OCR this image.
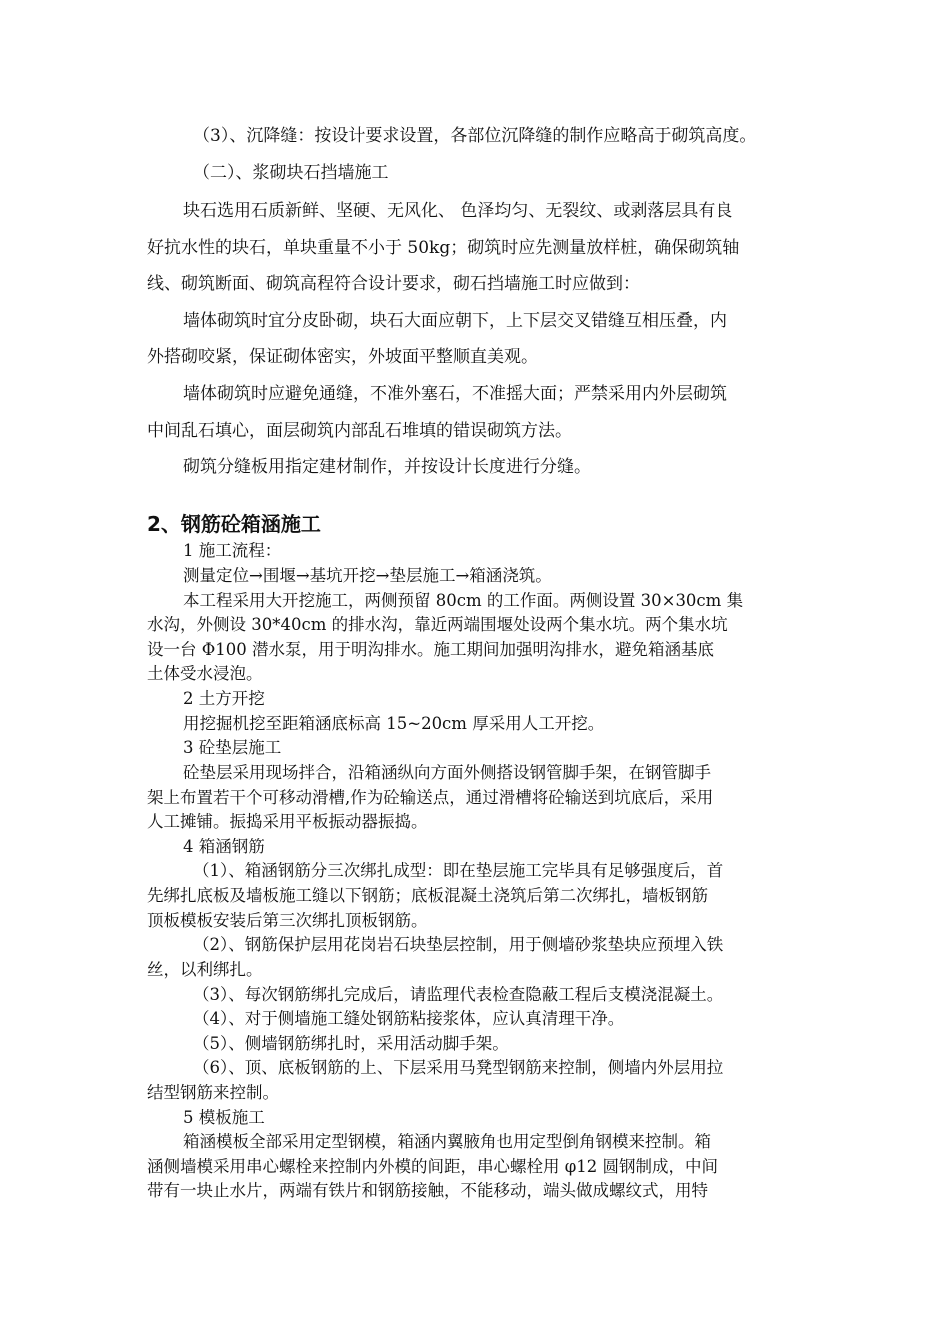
（3）、沉降缝：按设计要求设置，各部位沉降缝的制作应略高于砌筑高度。
（二）、浆砌块石挡墙施工
块石选用石质新鲜、坚硬、无风化、 色泽均匀、无裂纹、或剥落层具有良
好抗水性的块石，单块重量不小于 50kg；砌筑时应先测量放样桩，确保砌筑轴
线、砌筑断面、砌筑高程符合设计要求，砌石挡墙施工时应做到：
墙体砌筑时宜分皮卧砌，块石大面应朝下，上下层交叉错缝互相压叠，内
外搭砌咬紧，保证砌体密实，外坡面平整顺直美观。
墙体砌筑时应避免通缝，不准外塞石，不准摇大面；严禁采用内外层砌筑
中间乱石填心，面层砌筑内部乱石堆填的错误砌筑方法。
砌筑分缝板用指定建材制作，并按设计长度进行分缝。
2、钢筋砼箱涵施工
1 施工流程：
测量定位→围堰→基坑开挖→垫层施工→箱涵浇筑。
本工程采用大开挖施工，两侧预留 80cm 的工作面。两侧设置 30×30cm 集
水沟，外侧设 30*40cm 的排水沟，靠近两端围堰处设两个集水坑。两个集水坑
设一台 Φ100 潜水泵，用于明沟排水。施工期间加强明沟排水，避免箱涵基底
土体受水浸泡。
2 土方开挖
用挖掘机挖至距箱涵底标高 15~20cm 厚采用人工开挖。
3 砼垫层施工
砼垫层采用现场拌合，沿箱涵纵向方面外侧搭设钢管脚手架，在钢管脚手
架上布置若干个可移动滑槽,作为砼输送点，通过滑槽将砼输送到坑底后，采用
人工摊铺。振捣采用平板振动器振捣。
4 箱涵钢筋
（1）、箱涵钢筋分三次绑扎成型：即在垫层施工完毕具有足够强度后，首
先绑扎底板及墙板施工缝以下钢筋；底板混凝土浇筑后第二次绑扎，墙板钢筋
顶板模板安装后第三次绑扎顶板钢筋。
（2）、钢筋保护层用花岗岩石块垫层控制，用于侧墙砂浆垫块应预埋入铁
丝，以利绑扎。
（3）、每次钢筋绑扎完成后，请监理代表检查隐蔽工程后支模浇混凝土。
（4）、对于侧墙施工缝处钢筋粘接浆体，应认真清理干净。
（5）、侧墙钢筋绑扎时，采用活动脚手架。
（6）、顶、底板钢筋的上、下层采用马凳型钢筋来控制，侧墙内外层用拉
结型钢筋来控制。
5 模板施工
箱涵模板全部采用定型钢模，箱涵内翼腋角也用定型倒角钢模来控制。箱
涵侧墙模采用串心螺栓来控制内外模的间距，串心螺栓用 φ12 圆钢制成，中间
带有一块止水片，两端有铁片和钢筋接触，不能移动，端头做成螺纹式，用特
